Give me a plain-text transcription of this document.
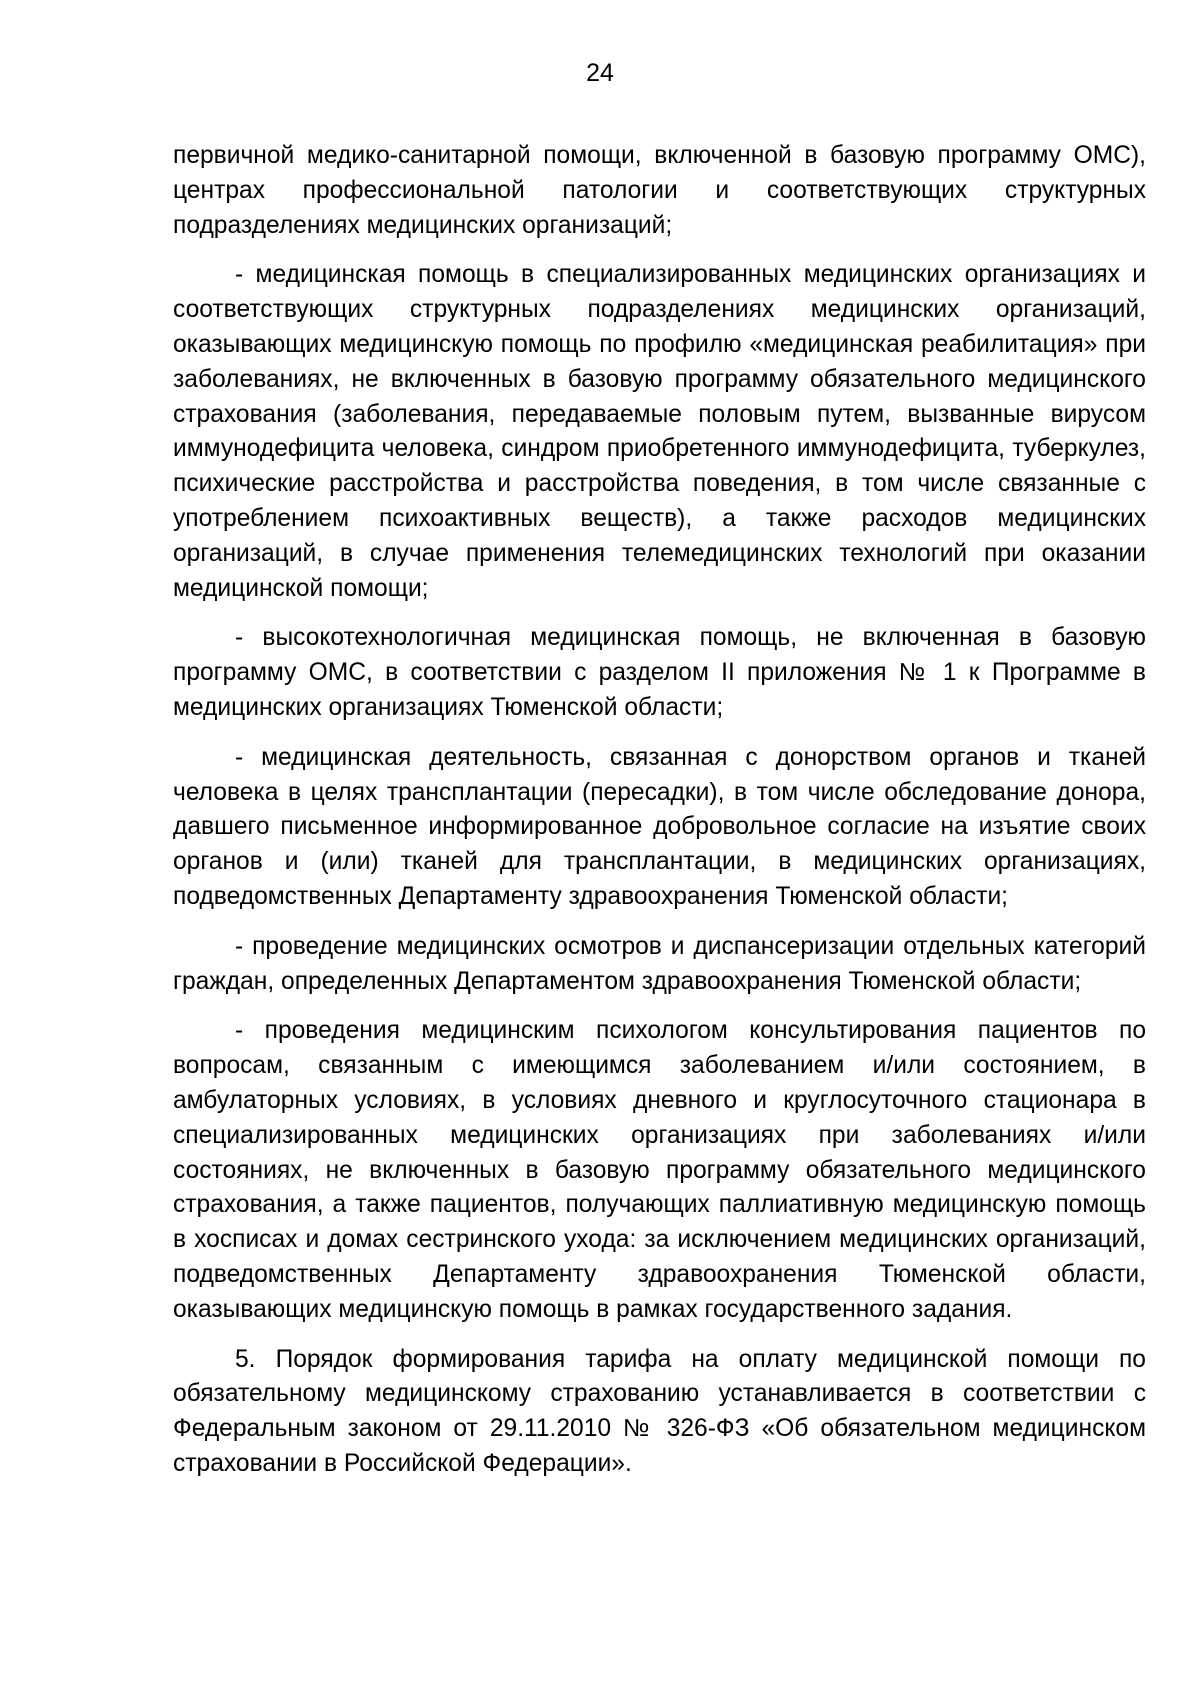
24

первичной медико-санитарной помощи, включенной в базовую программу ОМС), центрах профессиональной патологии и соответствующих структурных подразделениях медицинских организаций;

- медицинская помощь в специализированных медицинских организациях и соответствующих структурных подразделениях медицинских организаций, оказывающих медицинскую помощь по профилю «медицинская реабилитация» при заболеваниях, не включенных в базовую программу обязательного медицинского страхования (заболевания, передаваемые половым путем, вызванные вирусом иммунодефицита человека, синдром приобретенного иммунодефицита, туберкулез, психические расстройства и расстройства поведения, в том числе связанные с употреблением психоактивных веществ), а также расходов медицинских организаций, в случае применения телемедицинских технологий при оказании медицинской помощи;

- высокотехнологичная медицинская помощь, не включенная в базовую программу ОМС, в соответствии с разделом II приложения № 1 к Программе в медицинских организациях Тюменской области;

- медицинская деятельность, связанная с донорством органов и тканей человека в целях трансплантации (пересадки), в том числе обследование донора, давшего письменное информированное добровольное согласие на изъятие своих органов и (или) тканей для трансплантации, в медицинских организациях, подведомственных Департаменту здравоохранения Тюменской области;

- проведение медицинских осмотров и диспансеризации отдельных категорий граждан, определенных Департаментом здравоохранения Тюменской области;

- проведения медицинским психологом консультирования пациентов по вопросам, связанным с имеющимся заболеванием и/или состоянием, в амбулаторных условиях, в условиях дневного и круглосуточного стационара в специализированных медицинских организациях при заболеваниях и/или состояниях, не включенных в базовую программу обязательного медицинского страхования, а также пациентов, получающих паллиативную медицинскую помощь в хосписах и домах сестринского ухода: за исключением медицинских организаций, подведомственных Департаменту здравоохранения Тюменской области, оказывающих медицинскую помощь в рамках государственного задания.

5. Порядок формирования тарифа на оплату медицинской помощи по обязательному медицинскому страхованию устанавливается в соответствии с Федеральным законом от 29.11.2010 № 326-ФЗ «Об обязательном медицинском страховании в Российской Федерации».
